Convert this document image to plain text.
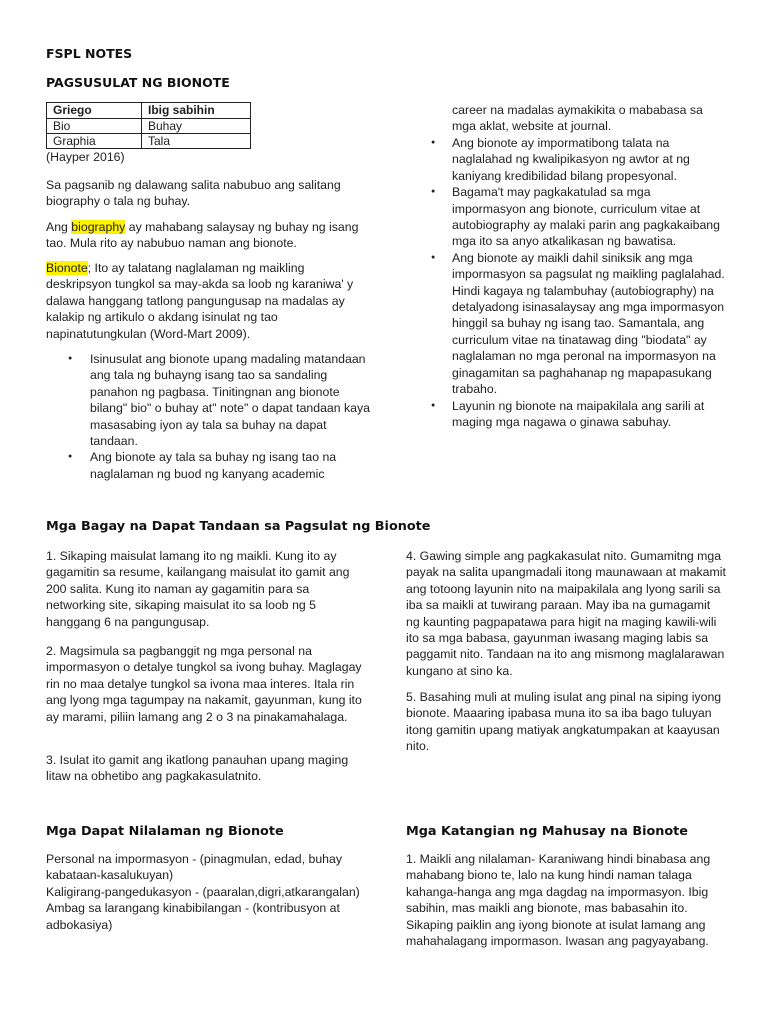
FSPL NOTES
PAGSUSULAT NG BIONOTE
Griego	Ibig sabihin
Bio	Buhay
Graphia	Tala
(Hayper 2016)

Sa pagsanib ng dalawang salita nabubuo ang salitang biography o tala ng buhay.

Ang biography ay mahabang salaysay ng buhay ng isang tao. Mula rito ay nabubuo naman ang bionote.

Bionote; Ito ay talatang naglalaman ng maikling deskripsyon tungkol sa may-akda sa loob ng karaniwa' y dalawa hanggang tatlong pangungusap na madalas ay kalakip ng artikulo o akdang isinulat ng tao napinatutungkulan (Word-Mart 2009).

● Isinusulat ang bionote upang madaling matandaan ang tala ng buhayng isang tao sa sandaling panahon ng pagbasa. Tinitingnan ang bionote bilang" bio" o buhay at" note" o dapat tandaan kaya masasabing iyon ay tala sa buhay na dapat tandaan.
● Ang bionote ay tala sa buhay ng isang tao na naglalaman ng buod ng kanyang academic

career na madalas aymakikita o mababasa sa mga aklat, website at journal.

● Ang bionote ay impormatibong talata na naglalahad ng kwalipikasyon ng awtor at ng kaniyang kredibilidad bilang propesyonal.
● Bagama't may pagkakatulad sa mga impormasyon ang bionote, curriculum vitae at autobiography ay malaki parin ang pagkakaibang mga ito sa anyo atkalikasan ng bawatisa.
● Ang bionote ay maikli dahil siniksik ang mga impormasyon sa pagsulat ng maikling paglalahad. Hindi kagaya ng talambuhay (autobiography) na detalyadong isinasalaysay ang mga impormasyon hinggil sa buhay ng isang tao. Samantala, ang curriculum vitae na tinatawag ding "biodata" ay naglalaman no mga peronal na impormasyon na ginagamitan sa paghahanap ng mapapasukang trabaho.
● Layunin ng bionote na maipakilala ang sarili at maging mga nagawa o ginawa sabuhay.
Mga Bagay na Dapat Tandaan sa Pagsulat ng Bionote

1. Sikaping maisulat lamang ito ng maikli. Kung ito ay gagamitin sa resume, kailangang maisulat ito gamit ang 200 salita. Kung ito naman ay gagamitin para sa networking site, sikaping maisulat ito sa loob ng 5 hanggang 6 na pangungusap.

2. Magsimula sa pagbanggit ng mga personal na impormasyon o detalye tungkol sa ivong buhay. Maglagay rin no maa detalye tungkol sa ivona maa interes. Itala rin ang lyong mga tagumpay na nakamit, gayunman, kung ito ay marami, piliin lamang ang 2 o 3 na pinakamahalaga.

3. Isulat ito gamit ang ikatlong panauhan upang maging litaw na obhetibo ang pagkakasulatnito.

4. Gawing simple ang pagkakasulat nito. Gumamitng mga payak na salita upangmadali itong maunawaan at makamit ang totoong layunin nito na maipakilala ang lyong sarili sa iba sa maikli at tuwirang paraan. May iba na gumagamit ng kaunting pagpapatawa para higit na maging kawili-wili ito sa mga babasa, gayunman iwasang maging labis sa paggamit nito. Tandaan na ito ang mismong maglalarawan kungano at sino ka.

5. Basahing muli at muling isulat ang pinal na siping iyong bionote. Maaaring ipabasa muna ito sa iba bago tuluyan itong gamitin upang matiyak angkatumpakan at kaayusan nito.

Mga Dapat Nilalaman ng Bionote

Personal na impormasyon - (pinagmulan, edad, buhay kabataan-kasalukuyan)

Kaligirang-pangedukasyon - (paaralan,digri,atkarangalan)

Ambag sa larangang kinabibilangan - (kontribusyon at adbokasiya)

Mga Katangian ng Mahusay na Bionote

1. Maikli ang nilalaman- Karaniwang hindi binabasa ang mahabang biono te, lalo na kung hindi naman talaga kahanga-hanga ang mga dagdag na impormasyon. Ibig sabihin, mas maikli ang bionote, mas babasahin ito. Sikaping paiklin ang iyong bionote at isulat lamang ang mahahalagang impormason. Iwasan ang pagyayabang.
